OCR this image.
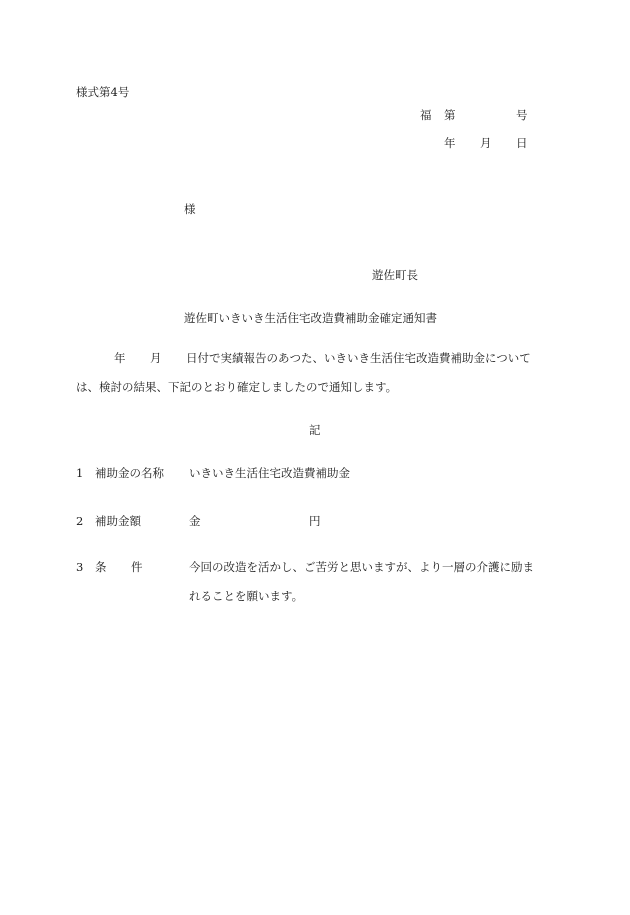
様式第4号
福 第	号
年 月 日
様
遊佐町長
遊佐町いきいき生活住宅改造費補助金確定通知書
年 月 日付で実績報告のあつた、いきいき生活住宅改造費補助金について
は、検討の結果、下記のとおり確定しましたので通知します。
記
1 補助金の名称 いきいき生活住宅改造費補助金
2 補助金額	金	円
3 条 件	今回の改造を活かし、ご苦労と思いますが、より一層の介護に励ま
れることを願います。
